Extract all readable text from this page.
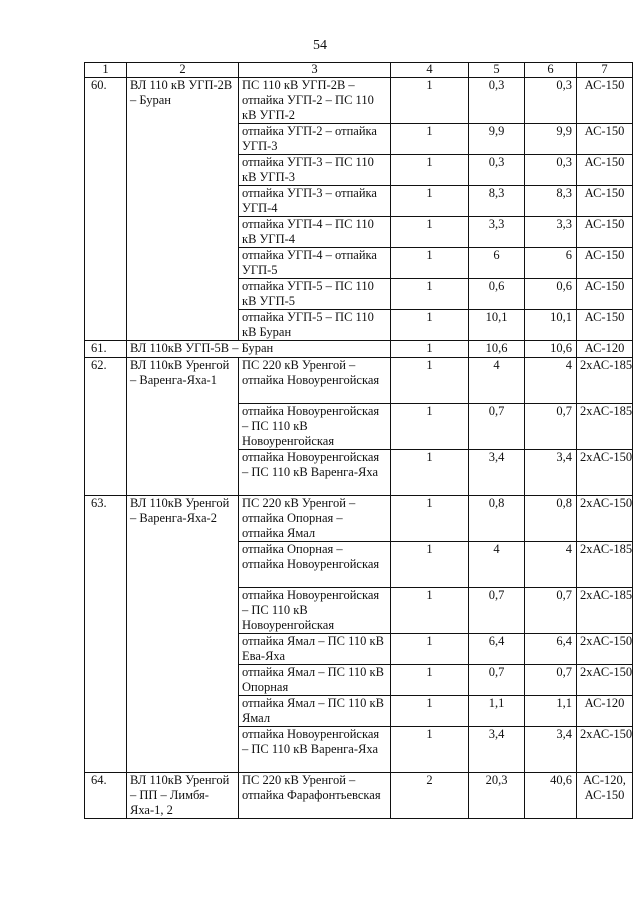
54
1	2	3	4	5	6	7
60.	ВЛ 110 кВ УГП-2В – Буран	ПС 110 кВ УГП-2В – отпайка УГП-2 – ПС 110 кВ УГП-2	1	0,3	0,3	АС-150
		отпайка УГП-2 – отпайка УГП-3	1	9,9	9,9	АС-150
		отпайка УГП-3 – ПС 110 кВ УГП-3	1	0,3	0,3	АС-150
		отпайка УГП-3 – отпайка УГП-4	1	8,3	8,3	АС-150
		отпайка УГП-4 – ПС 110 кВ УГП-4	1	3,3	3,3	АС-150
		отпайка УГП-4 – отпайка УГП-5	1	6	6	АС-150
		отпайка УГП-5 – ПС 110 кВ УГП-5	1	0,6	0,6	АС-150
		отпайка УГП-5 – ПС 110 кВ Буран	1	10,1	10,1	АС-150
61.	ВЛ 110кВ УГП-5В – Буран		1	10,6	10,6	АС-120
62.	ВЛ 110кВ Уренгой – Варенга-Яха-1	ПС 220 кВ Уренгой – отпайка Новоуренгойская	1	4	4	2хАС-185
		отпайка Новоуренгойская – ПС 110 кВ Новоуренгойская	1	0,7	0,7	2хАС-185
		отпайка Новоуренгойская – ПС 110 кВ Варенга-Яха	1	3,4	3,4	2хАС-150
63.	ВЛ 110кВ Уренгой – Варенга-Яха-2	ПС 220 кВ Уренгой – отпайка Опорная – отпайка Ямал	1	0,8	0,8	2хАС-150
		отпайка Опорная – отпайка Новоуренгойская	1	4	4	2хАС-185
		отпайка Новоуренгойская – ПС 110 кВ Новоуренгойская	1	0,7	0,7	2хАС-185
		отпайка Ямал – ПС 110 кВ Ева-Яха	1	6,4	6,4	2хАС-150
		отпайка Ямал – ПС 110 кВ Опорная	1	0,7	0,7	2хАС-150
		отпайка Ямал – ПС 110 кВ Ямал	1	1,1	1,1	АС-120
		отпайка Новоуренгойская – ПС 110 кВ Варенга-Яха	1	3,4	3,4	2хАС-150
64.	ВЛ 110кВ Уренгой – ПП – Лимбя-Яха-1, 2	ПС 220 кВ Уренгой – отпайка Фарафонтьевская	2	20,3	40,6	АС-120, АС-150
